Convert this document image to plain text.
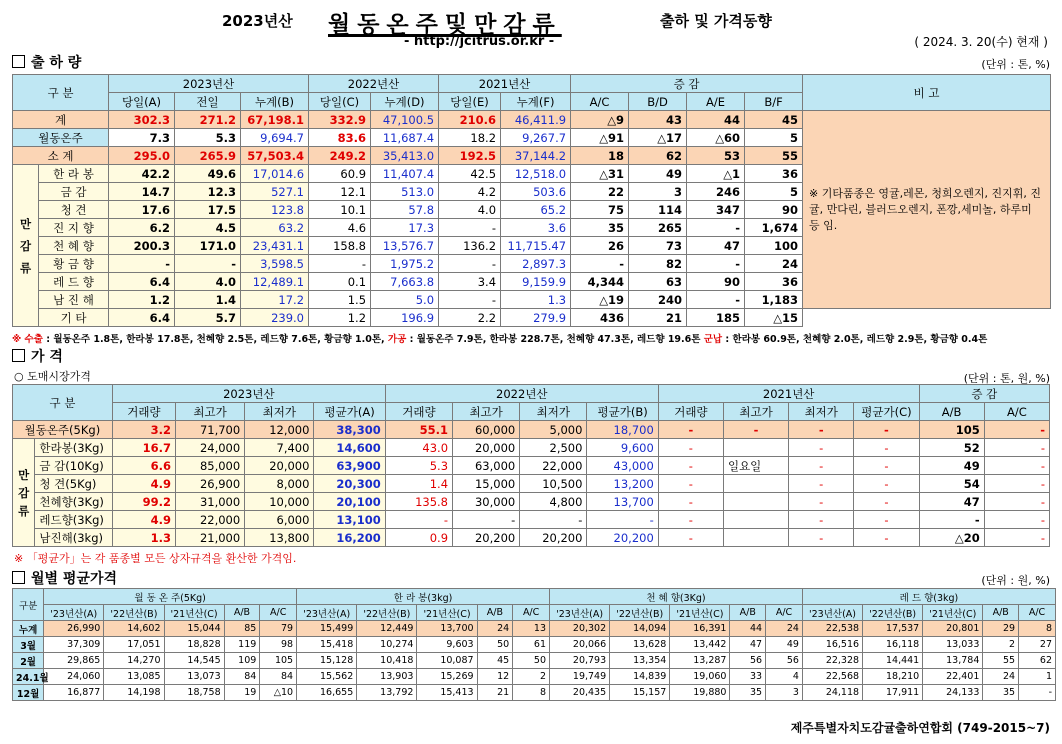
2023년산 월동온주및만감류	출하 및 가격동향
- http://jcitrus.or.kr -	( 2024. 3. 20(수) 현재 )
출 하 량	(단위 : 톤, %)
구 분		2023년산			2022년산		2021년산		증 감				비 고
		당일(A)	전일	누계(B)	당일(C)	누계(D)	당일(E)	누계(F)	A/C	B/D	A/E	B/F	
계		302.3	271.2	67,198.1	332.9	47,100.5	210.6	46,411.9	△9	43	44	45	※ 기타품종은 영귤,레몬, 청희오렌지, 진지휘, 진귤, 만다린, 블러드오렌지, 폰깡,세미놀, 하루미 등 임.
월동온주		7.3	5.3	9,694.7	83.6	11,687.4	18.2	9,267.7	△91	△17	△60	5	
소 계		295.0	265.9	57,503.4	249.2	35,413.0	192.5	37,144.2	18	62	53	55	
만
감
류	한 라 봉	42.2	49.6	17,014.6	60.9	11,407.4	42.5	12,518.0	△31	49	△1	36	
	금 감	14.7	12.3	527.1	12.1	513.0	4.2	503.6	22	3	246	5	
	청 견	17.6	17.5	123.8	10.1	57.8	4.0	65.2	75	114	347	90	
	진 지 향	6.2	4.5	63.2	4.6	17.3	-	3.6	35	265	-	1,674	
	천 혜 향	200.3	171.0	23,431.1	158.8	13,576.7	136.2	11,715.47	26	73	47	100	
	황 금 향	-	-	3,598.5	-	1,975.2	-	2,897.3	-	82	-	24	
	레 드 향	6.4	4.0	12,489.1	0.1	7,663.8	3.4	9,159.9	4,344	63	90	36	
	남 진 해	1.2	1.4	17.2	1.5	5.0	-	1.3	△19	240	-	1,183	
	기 타	6.4	5.7	239.0	1.2	196.9	2.2	279.9	436	21	185	△15	
※ 수출 : 월동온주 1.8톤, 한라봉 17.8톤, 천혜향 2.5톤, 레드향 7.6톤, 황금향 1.0톤, 가공 : 월동온주 7.9톤, 한라봉 228.7톤, 천혜향 47.3톤, 레드향 19.6톤 군납 : 한라봉 60.9톤, 천혜향 2.0톤, 레드향 2.9톤, 황금향 0.4톤
가 격
○ 도매시장가격	(단위 : 톤, 원, %)
구 분		2023년산				2022년산				2021년산				증 감	
		거래량	최고가	최저가	평균가(A)	거래량	최고가	최저가	평균가(B)	거래량	최고가	최저가	평균가(C)	A/B	A/C
월동온주(5Kg)		3.2	71,700	12,000	38,300	55.1	60,000	5,000	18,700	-	-	-	-	105	-
만
감
류	한라봉(3Kg)	16.7	24,000	7,400	14,600	43.0	20,000	2,500	9,600	-		-	-	52	-
	금 감(10Kg)	6.6	85,000	20,000	63,900	5.3	63,000	22,000	43,000	-	일요일	-	-	49	-
	청 견(5Kg)	4.9	26,900	8,000	20,300	1.4	15,000	10,500	13,200	-		-	-	54	-
	천혜향(3Kg)	99.2	31,000	10,000	20,100	135.8	30,000	4,800	13,700	-		-	-	47	-
	레드향(3Kg)	4.9	22,000	6,000	13,100	-	-	-	-	-		-	-	-	-
	남진해(3kg)	1.3	21,000	13,800	16,200	0.9	20,200	20,200	20,200	-		-	-	△20	-
※ 「평균가」는 각 품종별 모든 상자규격을 환산한 가격임.
월별 평균가격	(단위 : 원, %)
구분	월 동 온 주(5Kg)					한 라 봉(3kg)					천 혜 향(3Kg)					레 드 향(3kg)				
	'23년산(A)	'22년산(B)	'21년산(C)	A/B	A/C	'23년산(A)	'22년산(B)	'21년산(C)	A/B	A/C	'23년산(A)	'22년산(B)	'21년산(C)	A/B	A/C	'23년산(A)	'22년산(B)	'21년산(C)	A/B	A/C
누계	26,990	14,602	15,044	85	79	15,499	12,449	13,700	24	13	20,302	14,094	16,391	44	24	22,538	17,537	20,801	29	8
3월	37,309	17,051	18,828	119	98	15,418	10,274	9,603	50	61	20,066	13,628	13,442	47	49	16,516	16,118	13,033	2	27
2월	29,865	14,270	14,545	109	105	15,128	10,418	10,087	45	50	20,793	13,354	13,287	56	56	22,328	14,441	13,784	55	62
24.1월	24,060	13,085	13,073	84	84	15,562	13,903	15,269	12	2	19,749	14,839	19,060	33	4	22,568	18,210	22,401	24	1
12월	16,877	14,198	18,758	19	△10	16,655	13,792	15,413	21	8	20,435	15,157	19,880	35	3	24,118	17,911	24,133	35	-
제주특별자치도감귤출하연합회 (749-2015~7)
